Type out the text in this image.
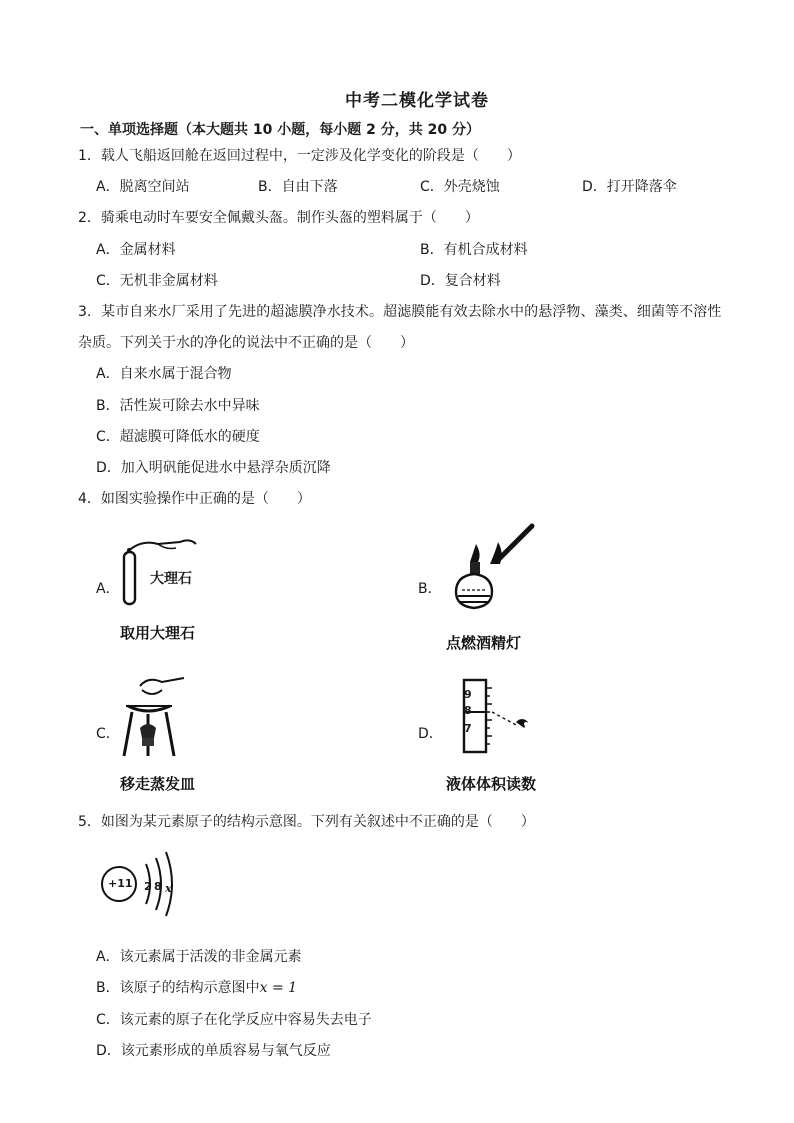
中考二模化学试卷
一、单项选择题（本大题共 10 小题，每小题 2 分，共 20 分）
1．载人飞船返回舱在返回过程中，一定涉及化学变化的阶段是（　　）
A．脱离空间站	B．自由下落	C．外壳烧蚀	D．打开降落伞
2．骑乘电动时车要安全佩戴头盔。制作头盔的塑料属于（　　）
A．金属材料	B．有机合成材料
C．无机非金属材料	D．复合材料
3．某市自来水厂采用了先进的超滤膜净水技术。超滤膜能有效去除水中的悬浮物、藻类、细菌等不溶性
杂质。下列关于水的净化的说法中不正确的是（　　）
A．自来水属于混合物
B．活性炭可除去水中异味
C．超滤膜可降低水的硬度
D．加入明矾能促进水中悬浮杂质沉降
4．如图实验操作中正确的是（　　）
A．
大理石
取用大理石
B．
点燃酒精灯
C．
移走蒸发皿
D．
9
8
7
液体体积读数
5．如图为某元素原子的结构示意图。下列有关叙述中不正确的是（　　）
+11 2 8 x
A．该元素属于活泼的非金属元素
B．该原子的结构示意图中x = 1
C．该元素的原子在化学反应中容易失去电子
D．该元素形成的单质容易与氧气反应
